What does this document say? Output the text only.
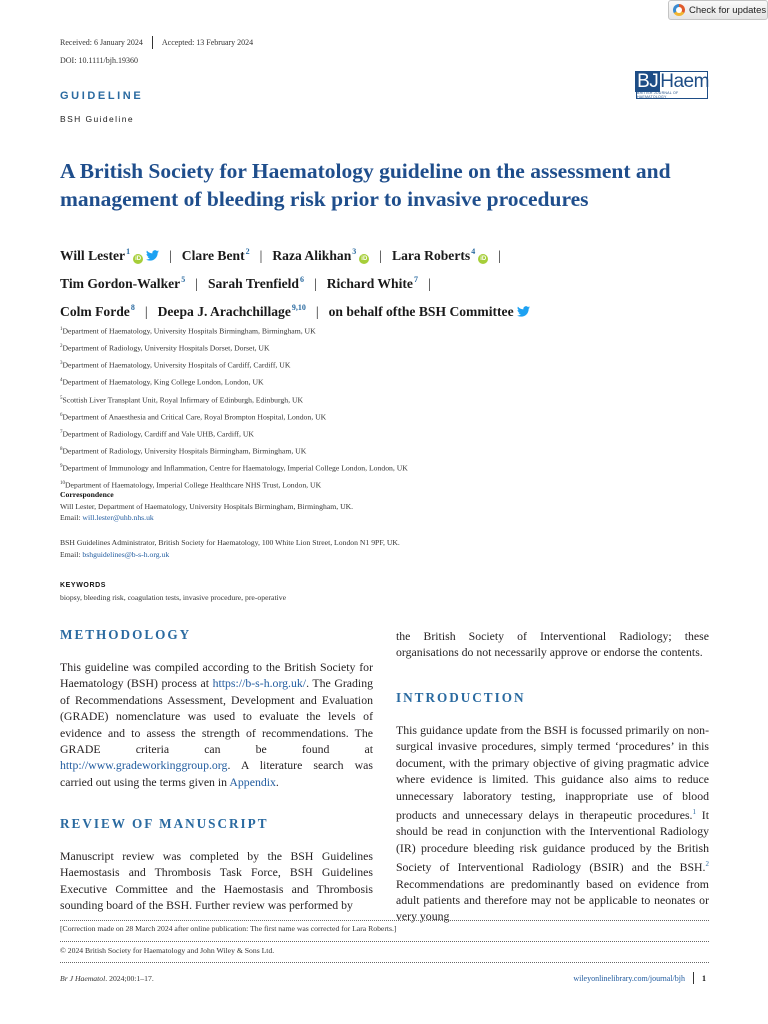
Check for updates
Received: 6 January 2024 Accepted: 13 February 2024
DOI: 10.1111/bjh.19360
BJ Haem
BRITISH JOURNAL OF HAEMATOLOGY
GUIDELINE
BSH Guideline
A British Society for Haematology guideline on the assessment and management of bleeding risk prior to invasive procedures
Will Lester$^1$iD | Clare Bent$^2$ | Raza Alikhan$^3$iD | Lara Roberts$^4$iD |
Tim Gordon-Walker$^5$ | Sarah Trenfield$^6$ | Richard White$^7$ |
Colm Forde$^8$ | Deepa J. Arachchillage$^{9,10}$ | on behalf ofthe BSH Committee
$^1$Department of Haematology, University Hospitals Birmingham, Birmingham, UK
$^2$Department of Radiology, University Hospitals Dorset, Dorset, UK
$^3$Department of Haematology, University Hospitals of Cardiff, Cardiff, UK
$^4$Department of Haematology, King College London, London, UK
$^5$Scottish Liver Transplant Unit, Royal Infirmary of Edinburgh, Edinburgh, UK
$^6$Department of Anaesthesia and Critical Care, Royal Brompton Hospital, London, UK
$^7$Department of Radiology, Cardiff and Vale UHB, Cardiff, UK
$^8$Department of Radiology, University Hospitals Birmingham, Birmingham, UK
$^9$Department of Immunology and Inflammation, Centre for Haematology, Imperial College London, London, UK
$^{10}$Department of Haematology, Imperial College Healthcare NHS Trust, London, UK
Correspondence
Will Lester, Department of Haematology, University Hospitals Birmingham, Birmingham, UK.
Email: will.lester@uhb.nhs.uk
BSH Guidelines Administrator, British Society for Haematology, 100 White Lion Street, London N1 9PF, UK.
Email: bshguidelines@b-s-h.org.uk
KEYWORDS
biopsy, bleeding risk, coagulation tests, invasive procedure, pre-operative
METHODOLOGY
This guideline was compiled according to the British Society for Haematology (BSH) process at https://b-s-h.org.uk/. The Grading of Recommendations Assessment, Development and Evaluation (GRADE) nomenclature was used to evaluate the levels of evidence and to assess the strength of recommendations. The GRADE criteria can be found at http://www.gradeworkinggroup.org. A literature search was carried out using the terms given in Appendix.
REVIEW OF MANUSCRIPT
Manuscript review was completed by the BSH Guidelines Haemostasis and Thrombosis Task Force, BSH Guidelines Executive Committee and the Haemostasis and Thrombosis sounding board of the BSH. Further review was performed by
the British Society of Interventional Radiology; these organisations do not necessarily approve or endorse the contents.
INTRODUCTION
This guidance update from the BSH is focussed primarily on non-surgical invasive procedures, simply termed ‘procedures’ in this document, with the primary objective of giving pragmatic advice where evidence is limited. This guidance also aims to reduce unnecessary laboratory testing, inappropriate use of blood products and unnecessary delays in therapeutic procedures.$^1$ It should be read in conjunction with the Interventional Radiology (IR) procedure bleeding risk guidance produced by the British Society of Interventional Radiology (BSIR) and the BSH.$^2$ Recommendations are predominantly based on evidence from adult patients and therefore may not be applicable to neonates or very young
[Correction made on 28 March 2024 after online publication: The first name was corrected for Lara Roberts.]
© 2024 British Society for Haematology and John Wiley & Sons Ltd.
Br J Haematol. 2024;00:1–17.	wileyonlinelibrary.com/journal/bjh 1
